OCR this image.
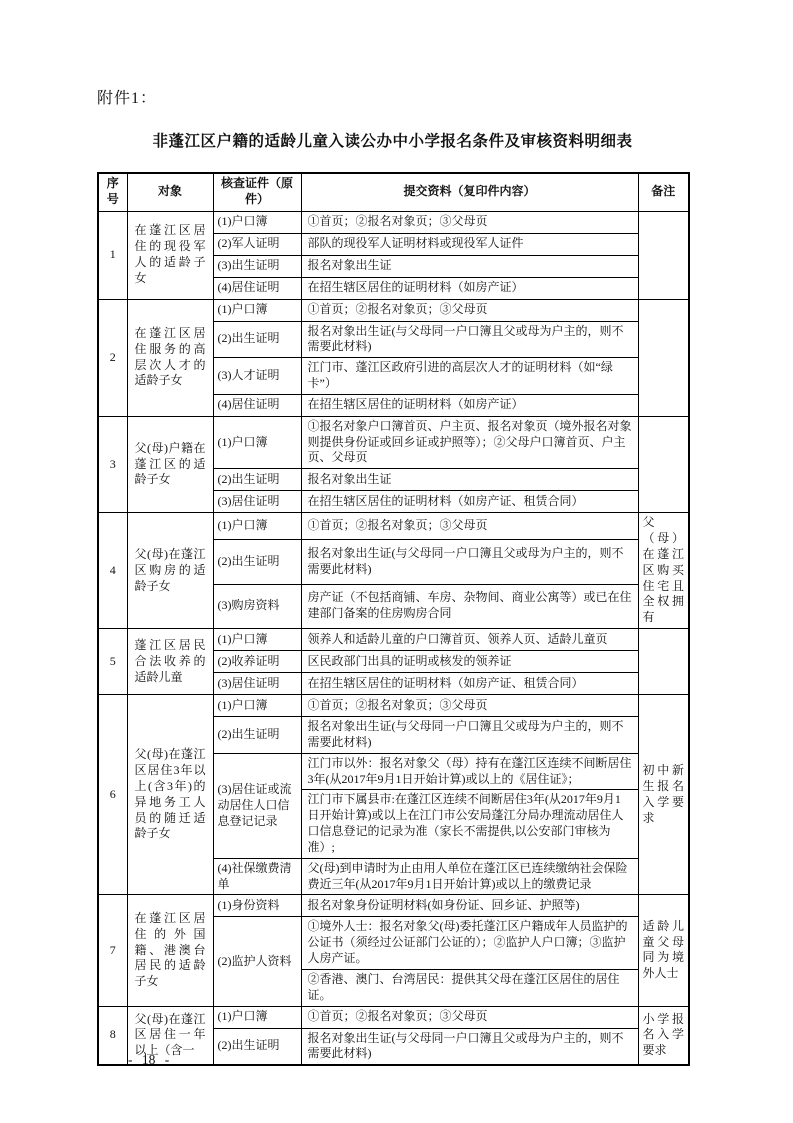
附件1：
非蓬江区户籍的适龄儿童入读公办中小学报名条件及审核资料明细表
序号	对象	核查证件（原件）	提交资料（复印件内容）	备注
1	在蓬江区居住的现役军人的适龄子女	(1)户口簿	①首页；②报名对象页；③父母页	
		(2)军人证明	部队的现役军人证明材料或现役军人证件	
		(3)出生证明	报名对象出生证	
		(4)居住证明	在招生辖区居住的证明材料（如房产证）	
2	在蓬江区居住服务的高层次人才的适龄子女	(1)户口簿	①首页；②报名对象页；③父母页	
		(2)出生证明	报名对象出生证(与父母同一户口簿且父或母为户主的，则不需要此材料)	
		(3)人才证明	江门市、蓬江区政府引进的高层次人才的证明材料（如“绿卡”）	
		(4)居住证明	在招生辖区居住的证明材料（如房产证）	
3	父(母)户籍在蓬江区的适龄子女	(1)户口簿	①报名对象户口簿首页、户主页、报名对象页（境外报名对象则提供身份证或回乡证或护照等）；②父母户口簿首页、户主页、父母页	
		(2)出生证明	报名对象出生证	
		(3)居住证明	在招生辖区居住的证明材料（如房产证、租赁合同）	
4	父(母)在蓬江区购房的适龄子女	(1)户口簿	①首页；②报名对象页；③父母页	父（母）在蓬江区购买住宅且全权拥有
		(2)出生证明	报名对象出生证(与父母同一户口簿且父或母为户主的，则不需要此材料)	
		(3)购房资料	房产证（不包括商铺、车房、杂物间、商业公寓等）或已在住建部门备案的住房购房合同	
5	蓬江区居民合法收养的适龄儿童	(1)户口簿	领养人和适龄儿童的户口簿首页、领养人页、适龄儿童页	
		(2)收养证明	区民政部门出具的证明或核发的领养证	
		(3)居住证明	在招生辖区居住的证明材料（如房产证、租赁合同）	
6	父(母)在蓬江区居住3年以上(含3年)的异地务工人员的随迁适龄子女	(1)户口簿	①首页；②报名对象页；③父母页	初中新生报名入学要求
		(2)出生证明	报名对象出生证(与父母同一户口簿且父或母为户主的，则不需要此材料)	
		(3)居住证或流动居住人口信息登记记录	江门市以外：报名对象父（母）持有在蓬江区连续不间断居住3年(从2017年9月1日开始计算)或以上的《居住证》；	
			江门市下属县市:在蓬江区连续不间断居住3年(从2017年9月1日开始计算)或以上在江门市公安局蓬江分局办理流动居住人口信息登记的记录为准（家长不需提供,以公安部门审核为准）;	
		(4)社保缴费清单	父(母)到申请时为止由用人单位在蓬江区已连续缴纳社会保险费近三年(从2017年9月1日开始计算)或以上的缴费记录	
7	在蓬江区居住的外国籍、港澳台居民的适龄子女	(1)身份资料	报名对象身份证明材料(如身份证、回乡证、护照等)	适龄儿童父母同为境外人士
		(2)监护人资料	①境外人士：报名对象父(母)委托蓬江区户籍成年人员监护的公证书（须经过公证部门公证的）；②监护人户口簿；③监护人房产证。	
			②香港、澳门、台湾居民：提供其父母在蓬江区居住的居住证。	
8	父(母)在蓬江区居住一年以上（含一	(1)户口簿	①首页；②报名对象页；③父母页	小学报名入学要求
		(2)出生证明	报名对象出生证(与父母同一户口簿且父或母为户主的，则不需要此材料)	
- 18 -
